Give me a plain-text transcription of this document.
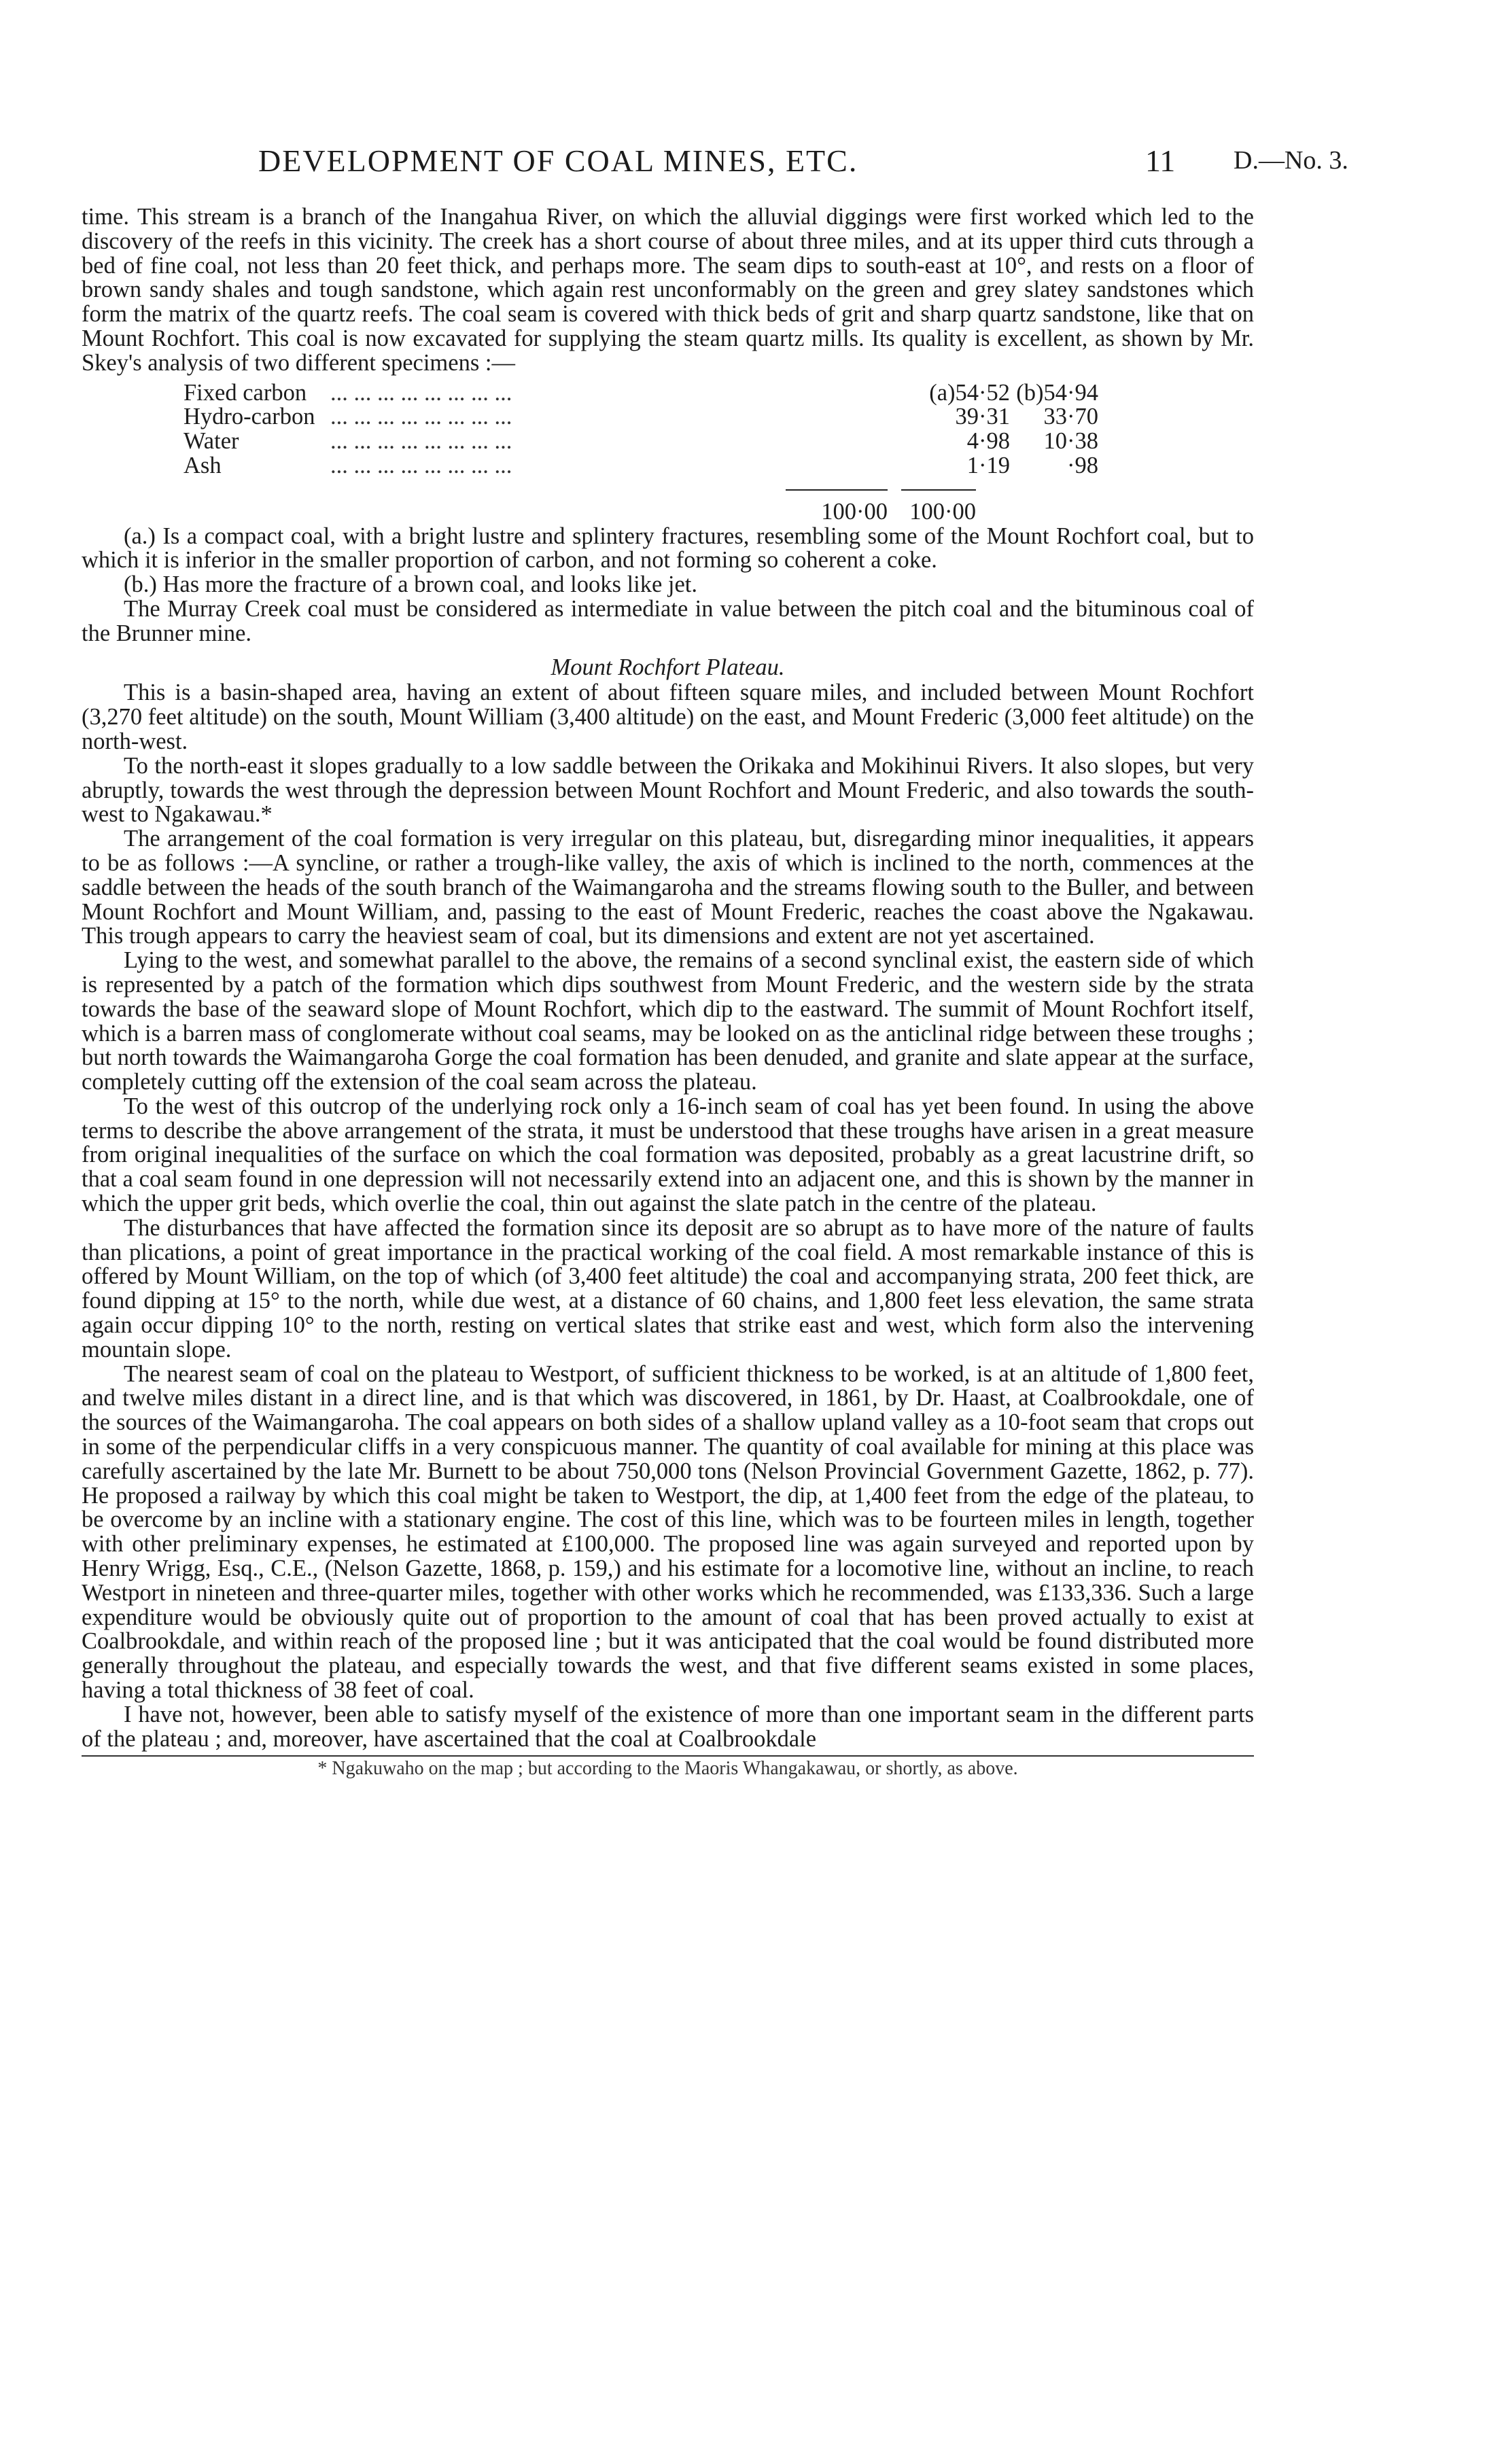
DEVELOPMENT OF COAL MINES, ETC.	11 D.—No. 3.

time. This stream is a branch of the Inangahua River, on which the alluvial diggings were first worked which led to the discovery of the reefs in this vicinity. The creek has a short course of about three miles, and at its upper third cuts through a bed of fine coal, not less than 20 feet thick, and perhaps more. The seam dips to south-east at 10°, and rests on a floor of brown sandy shales and tough sandstone, which again rest unconformably on the green and grey slatey sandstones which form the matrix of the quartz reefs. The coal seam is covered with thick beds of grit and sharp quartz sandstone, like that on Mount Rochfort. This coal is now excavated for supplying the steam quartz mills. Its quality is excellent, as shown by Mr. Skey's analysis of two different specimens :—

Fixed carbon	... ... ... ... ... ... ... ...	(a)54·52 (b)54·94
Hydro-carbon ... ... ... ... ... ... ... ...	39·31	33·70
Water	... ... ... ... ... ... ... ...	4·98	10·38
Ash	... ... ... ... ... ... ... ...	1·19	·98
100·00 100·00

(a.) Is a compact coal, with a bright lustre and splintery fractures, resembling some of the Mount Rochfort coal, but to which it is inferior in the smaller proportion of carbon, and not forming so coherent a coke.

(b.) Has more the fracture of a brown coal, and looks like jet.

The Murray Creek coal must be considered as intermediate in value between the pitch coal and the bituminous coal of the Brunner mine.

Mount Rochfort Plateau.

This is a basin-shaped area, having an extent of about fifteen square miles, and included between Mount Rochfort (3,270 feet altitude) on the south, Mount William (3,400 altitude) on the east, and Mount Frederic (3,000 feet altitude) on the north-west.

To the north-east it slopes gradually to a low saddle between the Orikaka and Mokihinui Rivers. It also slopes, but very abruptly, towards the west through the depression between Mount Rochfort and Mount Frederic, and also towards the south-west to Ngakawau.*

The arrangement of the coal formation is very irregular on this plateau, but, disregarding minor inequalities, it appears to be as follows :—A syncline, or rather a trough-like valley, the axis of which is inclined to the north, commences at the saddle between the heads of the south branch of the Waimangaroha and the streams flowing south to the Buller, and between Mount Rochfort and Mount William, and, passing to the east of Mount Frederic, reaches the coast above the Ngakawau. This trough appears to carry the heaviest seam of coal, but its dimensions and extent are not yet ascertained.

Lying to the west, and somewhat parallel to the above, the remains of a second synclinal exist, the eastern side of which is represented by a patch of the formation which dips southwest from Mount Frederic, and the western side by the strata towards the base of the seaward slope of Mount Rochfort, which dip to the eastward. The summit of Mount Rochfort itself, which is a barren mass of conglomerate without coal seams, may be looked on as the anticlinal ridge between these troughs ; but north towards the Waimangaroha Gorge the coal formation has been denuded, and granite and slate appear at the surface, completely cutting off the extension of the coal seam across the plateau.

To the west of this outcrop of the underlying rock only a 16-inch seam of coal has yet been found. In using the above terms to describe the above arrangement of the strata, it must be understood that these troughs have arisen in a great measure from original inequalities of the surface on which the coal formation was deposited, probably as a great lacustrine drift, so that a coal seam found in one depression will not necessarily extend into an adjacent one, and this is shown by the manner in which the upper grit beds, which overlie the coal, thin out against the slate patch in the centre of the plateau.

The disturbances that have affected the formation since its deposit are so abrupt as to have more of the nature of faults than plications, a point of great importance in the practical working of the coal field. A most remarkable instance of this is offered by Mount William, on the top of which (of 3,400 feet altitude) the coal and accompanying strata, 200 feet thick, are found dipping at 15° to the north, while due west, at a distance of 60 chains, and 1,800 feet less elevation, the same strata again occur dipping 10° to the north, resting on vertical slates that strike east and west, which form also the intervening mountain slope.

The nearest seam of coal on the plateau to Westport, of sufficient thickness to be worked, is at an altitude of 1,800 feet, and twelve miles distant in a direct line, and is that which was discovered, in 1861, by Dr. Haast, at Coalbrookdale, one of the sources of the Waimangaroha. The coal appears on both sides of a shallow upland valley as a 10-foot seam that crops out in some of the perpendicular cliffs in a very conspicuous manner. The quantity of coal available for mining at this place was carefully ascertained by the late Mr. Burnett to be about 750,000 tons (Nelson Provincial Government Gazette, 1862, p. 77). He proposed a railway by which this coal might be taken to Westport, the dip, at 1,400 feet from the edge of the plateau, to be overcome by an incline with a stationary engine. The cost of this line, which was to be fourteen miles in length, together with other preliminary expenses, he estimated at £100,000. The proposed line was again surveyed and reported upon by Henry Wrigg, Esq., C.E., (Nelson Gazette, 1868, p. 159,) and his estimate for a locomotive line, without an incline, to reach Westport in nineteen and three-quarter miles, together with other works which he recommended, was £133,336. Such a large expenditure would be obviously quite out of proportion to the amount of coal that has been proved actually to exist at Coalbrookdale, and within reach of the proposed line ; but it was anticipated that the coal would be found distributed more generally throughout the plateau, and especially towards the west, and that five different seams existed in some places, having a total thickness of 38 feet of coal.

I have not, however, been able to satisfy myself of the existence of more than one important seam in the different parts of the plateau ; and, moreover, have ascertained that the coal at Coalbrookdale

* Ngakuwaho on the map ; but according to the Maoris Whangakawau, or shortly, as above.
